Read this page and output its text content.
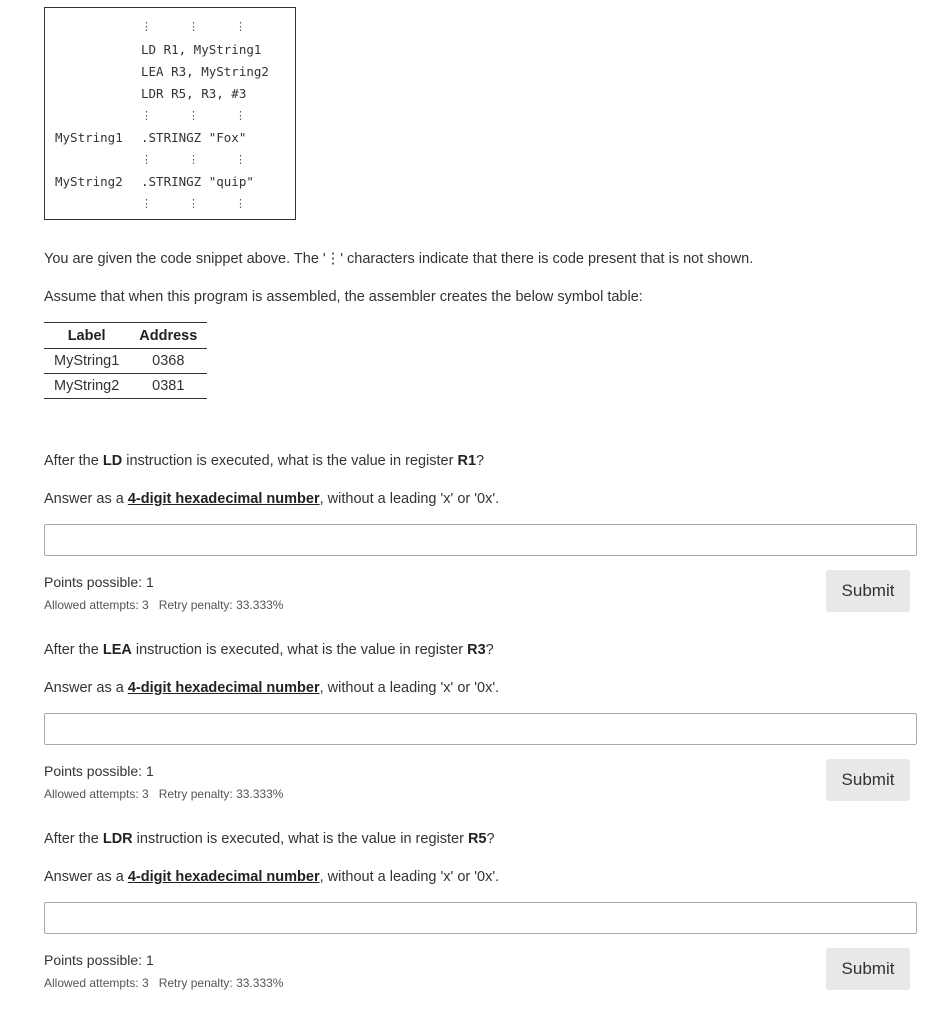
⋮	⋮	⋮
LD R1, MyString1
LEA R3, MyString2
LDR R5, R3, #3
⋮	⋮	⋮
MyString1 .STRINGZ "Fox"
⋮	⋮	⋮
MyString2 .STRINGZ "quip"
⋮	⋮	⋮
You are given the code snippet above. The '⋮' characters indicate that there is code present that is not shown.
Assume that when this program is assembled, the assembler creates the below symbol table:
Label	Address
MyString1	0368
MyString2	0381
After the LD instruction is executed, what is the value in register R1?
Answer as a 4-digit hexadecimal number, without a leading 'x' or '0x'.
Points possible: 1
Allowed attempts: 3 Retry penalty: 33.333%
Submit
After the LEA instruction is executed, what is the value in register R3?
Answer as a 4-digit hexadecimal number, without a leading 'x' or '0x'.
Points possible: 1
Allowed attempts: 3 Retry penalty: 33.333%
Submit
After the LDR instruction is executed, what is the value in register R5?
Answer as a 4-digit hexadecimal number, without a leading 'x' or '0x'.
Points possible: 1
Allowed attempts: 3 Retry penalty: 33.333%
Submit
